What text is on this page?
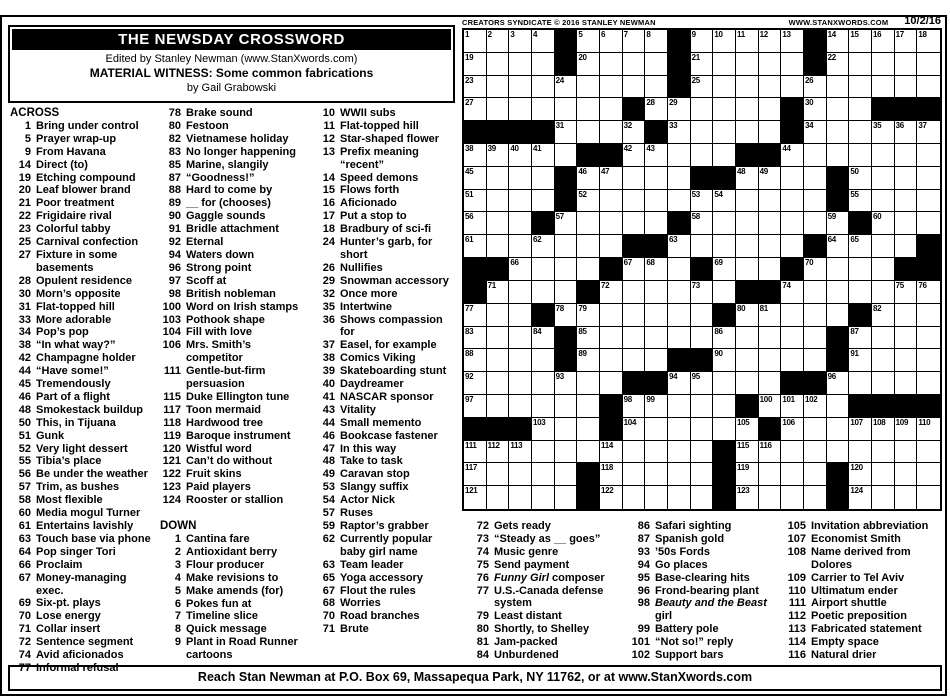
THE NEWSDAY CROSSWORD
Edited by Stanley Newman (www.StanXwords.com)
MATERIAL WITNESS: Some common fabrications
by Gail Grabowski
CREATORS SYNDICATE © 2016 STANLEY NEWMAN	WWW.STANXWORDS.COM 10/2/16
1 2 3 4	5 6 7 8	9 10 11 12 13	14 15 16 17 18
19	20	21	22
23	24	25	26
27	28 29	30
31	32	33	34	35 36 37
38 39 40 41	42 43	44
45	46 47	48 49	50
51	52	53 54	55
56	57	58	59	60
61	62	63	64 65
66	67 68	69	70
71	72	73	74	75 76
77	78 79	80 81	82
83	84	85	86	87
88	89	90	91
92	93	94 95	96
97	98 99	100 101 102
103	104	105	106	107 108 109 110
111 112 113	114	115 116
117	118	119	120
121	122	123	124
ACROSS
1 Bring under control
5 Prayer wrap-up
9 From Havana
14 Direct (to)
19 Etching compound
20 Leaf blower brand
21 Poor treatment
22 Frigidaire rival
23 Colorful tabby
25 Carnival confection
27 Fixture in some basements
28 Opulent residence
30 Morn’s opposite
31 Flat-topped hill
33 More adorable
34 Pop’s pop
38 “In what way?”
42 Champagne holder
44 “Have some!”
45 Tremendously
46 Part of a flight
48 Smokestack buildup
50 This, in Tijuana
51 Gunk
52 Very light dessert
55 Tibia’s place
56 Be under the weather
57 Trim, as bushes
58 Most flexible
60 Media mogul Turner
61 Entertains lavishly
63 Touch base via phone
64 Pop singer Tori
66 Proclaim
67 Money-managing exec.
69 Six-pt. plays
70 Lose energy
71 Collar insert
72 Sentence segment
74 Avid aficionados
77 Informal refusal
78 Brake sound
80 Festoon
82 Vietnamese holiday
83 No longer happening
85 Marine, slangily
87 “Goodness!”
88 Hard to come by
89 __ for (chooses)
90 Gaggle sounds
91 Bridle attachment
92 Eternal
94 Waters down
96 Strong point
97 Scoff at
98 British nobleman
100 Word on Irish stamps
103 Pothook shape
104 Fill with love
106 Mrs. Smith’s competitor
111 Gentle-but-firm persuasion
115 Duke Ellington tune
117 Toon mermaid
118 Hardwood tree
119 Baroque instrument
120 Wistful word
121 Can’t do without
122 Fruit skins
123 Paid players
124 Rooster or stallion
DOWN
1 Cantina fare
2 Antioxidant berry
3 Flour producer
4 Make revisions to
5 Make amends (for)
6 Pokes fun at
7 Timeline slice
8 Quick message
9 Plant in Road Runner cartoons
10 WWII subs
11 Flat-topped hill
12 Star-shaped flower
13 Prefix meaning “recent”
14 Speed demons
15 Flows forth
16 Aficionado
17 Put a stop to
18 Bradbury of sci-fi
24 Hunter’s garb, for short
26 Nullifies
29 Snowman accessory
32 Once more
35 Intertwine
36 Shows compassion for
37 Easel, for example
38 Comics Viking
39 Skateboarding stunt
40 Daydreamer
41 NASCAR sponsor
43 Vitality
44 Small memento
46 Bookcase fastener
47 In this way
48 Take to task
49 Caravan stop
53 Slangy suffix
54 Actor Nick
57 Ruses
59 Raptor’s grabber
62 Currently popular baby girl name
63 Team leader
65 Yoga accessory
67 Flout the rules
68 Worries
70 Road branches
71 Brute
72 Gets ready
73 “Steady as __ goes”
74 Music genre
75 Send payment
76 Funny Girl composer
77 U.S.-Canada defense system
79 Least distant
80 Shortly, to Shelley
81 Jam-packed
84 Unburdened
86 Safari sighting
87 Spanish gold
93 ’50s Fords
94 Go places
95 Base-clearing hits
96 Frond-bearing plant
98 Beauty and the Beast girl
99 Battery pole
101 “Not so!” reply
102 Support bars
105 Invitation abbreviation
107 Economist Smith
108 Name derived from Dolores
109 Carrier to Tel Aviv
110 Ultimatum ender
111 Airport shuttle
112 Poetic preposition
113 Fabricated statement
114 Empty space
116 Natural drier
Reach Stan Newman at P.O. Box 69, Massapequa Park, NY 11762, or at www.StanXwords.com
